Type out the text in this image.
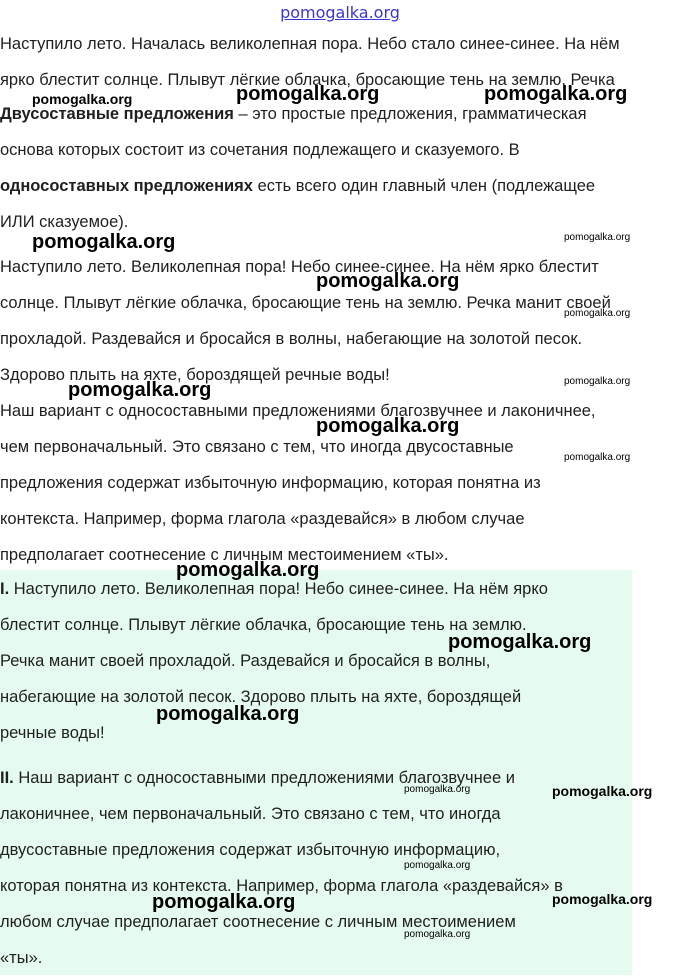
pomogalka.org

Наступило лето. Началась великолепная пора. Небо стало синее-синее. На нём
ярко блестит солнце. Плывут лёгкие облачка, бросающие тень на землю. Речка

Двусоставные предложения – это простые предложения, грамматическая
основа которых состоит из сочетания подлежащего и сказуемого. В
односоставных предложениях есть всего один главный член (подлежащее
ИЛИ сказуемое).

Наступило лето. Великолепная пора! Небо синее-синее. На нём ярко блестит
солнце. Плывут лёгкие облачка, бросающие тень на землю. Речка манит своей
прохладой. Раздевайся и бросайся в волны, набегающие на золотой песок.
Здорово плыть на яхте, бороздящей речные воды!

Наш вариант с односоставными предложениями благозвучнее и лаконичнее,
чем первоначальный. Это связано с тем, что иногда двусоставные
предложения содержат избыточную информацию, которая понятна из
контекста. Например, форма глагола «раздевайся» в любом случае
предполагает соотнесение с личным местоимением «ты».

I. Наступило лето. Великолепная пора! Небо синее-синее. На нём ярко
блестит солнце. Плывут лёгкие облачка, бросающие тень на землю.
Речка манит своей прохладой. Раздевайся и бросайся в волны,
набегающие на золотой песок. Здорово плыть на яхте, бороздящей
речные воды!

II. Наш вариант с односоставными предложениями благозвучнее и
лаконичнее, чем первоначальный. Это связано с тем, что иногда
двусоставные предложения содержат избыточную информацию,
которая понятна из контекста. Например, форма глагола «раздевайся» в
любом случае предполагает соотнесение с личным местоимением
«ты».

pomogalka.org	pomogalka.org	pomogalka.org
pomogalka.org	pomogalka.org
pomogalka.org
pomogalka.org
pomogalka.org	pomogalka.org
pomogalka.org
pomogalka.org
pomogalka.org
pomogalka.org
pomogalka.org
pomogalka.org	pomogalka.org
pomogalka.org
pomogalka.org
pomogalka.org
pomogalka.org
